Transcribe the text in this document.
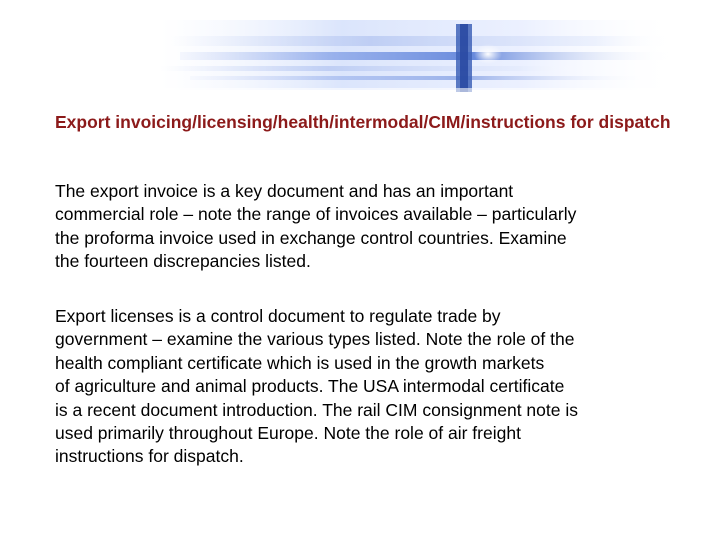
Export invoicing/licensing/health/intermodal/CIM/instructions for dispatch

The export invoice is a key document and has an important
commercial role – note the range of invoices available – particularly
the proforma invoice used in exchange control countries. Examine
the fourteen discrepancies listed.

Export licenses is a control document to regulate trade by
government – examine the various types listed. Note the role of the
health compliant certificate which is used in the growth markets
of agriculture and animal products. The USA intermodal certificate
is a recent document introduction. The rail CIM consignment note is
used primarily throughout Europe. Note the role of air freight
instructions for dispatch.
